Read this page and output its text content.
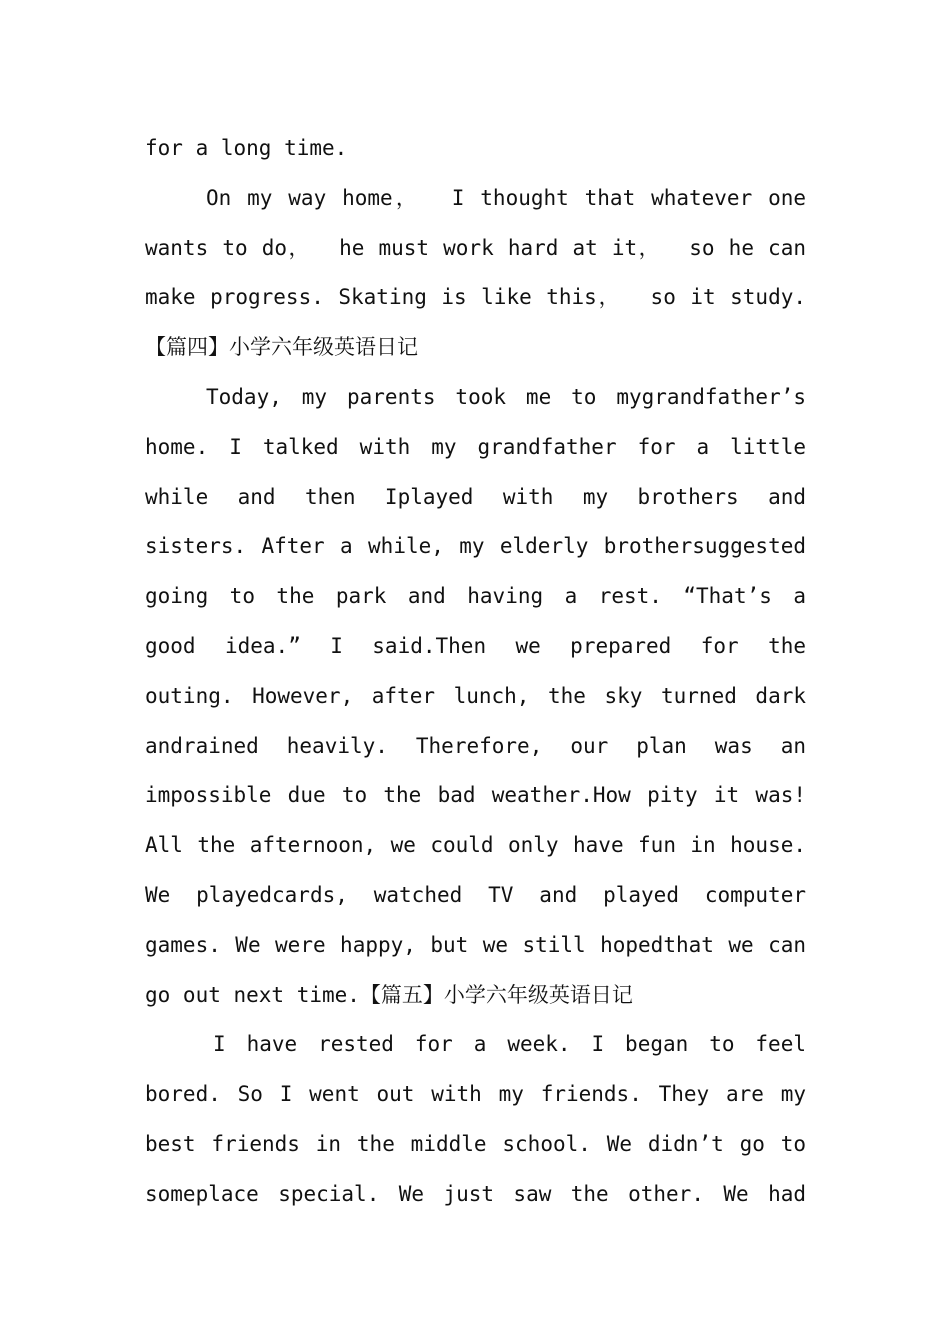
for a long time.
On my way home，  I thought that whatever one
wants to do，  he must work hard at it，  so he can
make progress. Skating is like this，  so it study.
【篇四】小学六年级英语日记
Today, my parents took me to mygrandfather’s
home. I talked with my grandfather for a little
while and then Iplayed with my brothers and
sisters. After a while, my elderly brothersuggested
going to the park and having a rest. “That’s a
good idea.” I said.Then we prepared for the
outing. However, after lunch, the sky turned dark
andrained heavily. Therefore, our plan was an
impossible due to the bad weather.How pity it was!
All the afternoon, we could only have fun in house.
We playedcards, watched TV and played computer
games. We were happy, but we still hopedthat we can
go out next time.【篇五】小学六年级英语日记
I have rested for a week. I began to feel
bored. So I went out with my friends. They are my
best friends in the middle school. We didn’t go to
someplace special. We just saw the other. We had
